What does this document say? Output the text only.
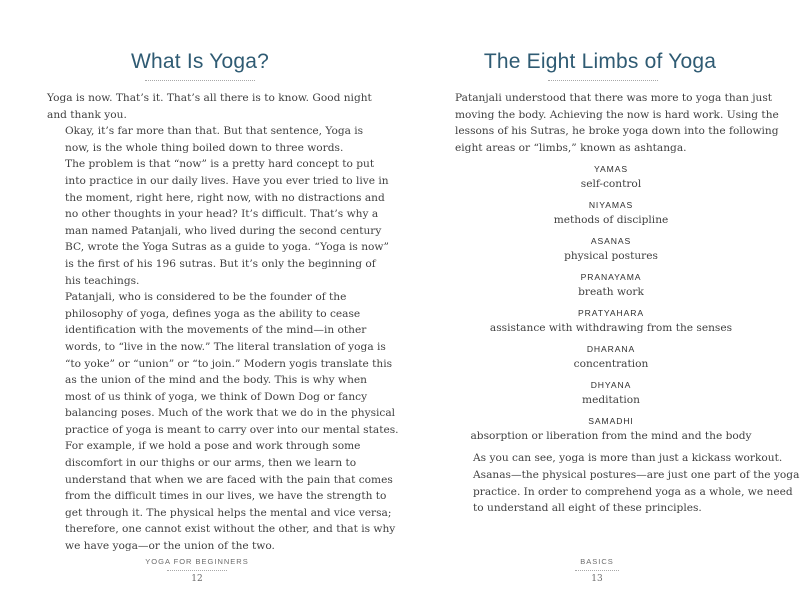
What Is Yoga?

Yoga is now. That’s it. That’s all there is to know. Good night
and thank you.

Okay, it’s far more than that. But that sentence, Yoga is
now, is the whole thing boiled down to three words.

The problem is that “now” is a pretty hard concept to put
into practice in our daily lives. Have you ever tried to live in
the moment, right here, right now, with no distractions and
no other thoughts in your head? It’s difficult. That’s why a
man named Patanjali, who lived during the second century
BC, wrote the Yoga Sutras as a guide to yoga. “Yoga is now”
is the first of his 196 sutras. But it’s only the beginning of
his teachings.

Patanjali, who is considered to be the founder of the
philosophy of yoga, defines yoga as the ability to cease
identification with the movements of the mind—in other
words, to “live in the now.” The literal translation of yoga is
“to yoke” or “union” or “to join.” Modern yogis translate this
as the union of the mind and the body. This is why when
most of us think of yoga, we think of Down Dog or fancy
balancing poses. Much of the work that we do in the physical
practice of yoga is meant to carry over into our mental states.

For example, if we hold a pose and work through some
discomfort in our thighs or our arms, then we learn to
understand that when we are faced with the pain that comes
from the difficult times in our lives, we have the strength to
get through it. The physical helps the mental and vice versa;
therefore, one cannot exist without the other, and that is why
we have yoga—or the union of the two.

YOGA FOR BEGINNERS
12
The Eight Limbs of Yoga

Patanjali understood that there was more to yoga than just
moving the body. Achieving the now is hard work. Using the
lessons of his Sutras, he broke yoga down into the following
eight areas or “limbs,” known as ashtanga.

YAMAS
self-control
NIYAMAS
methods of discipline
ASANAS
physical postures
PRANAYAMA
breath work
PRATYAHARA
assistance with withdrawing from the senses
DHARANA
concentration
DHYANA
meditation
SAMADHI
absorption or liberation from the mind and the body

As you can see, yoga is more than just a kickass workout.
Asanas—the physical postures—are just one part of the yoga
practice. In order to comprehend yoga as a whole, we need
to understand all eight of these principles.

BASICS
13
